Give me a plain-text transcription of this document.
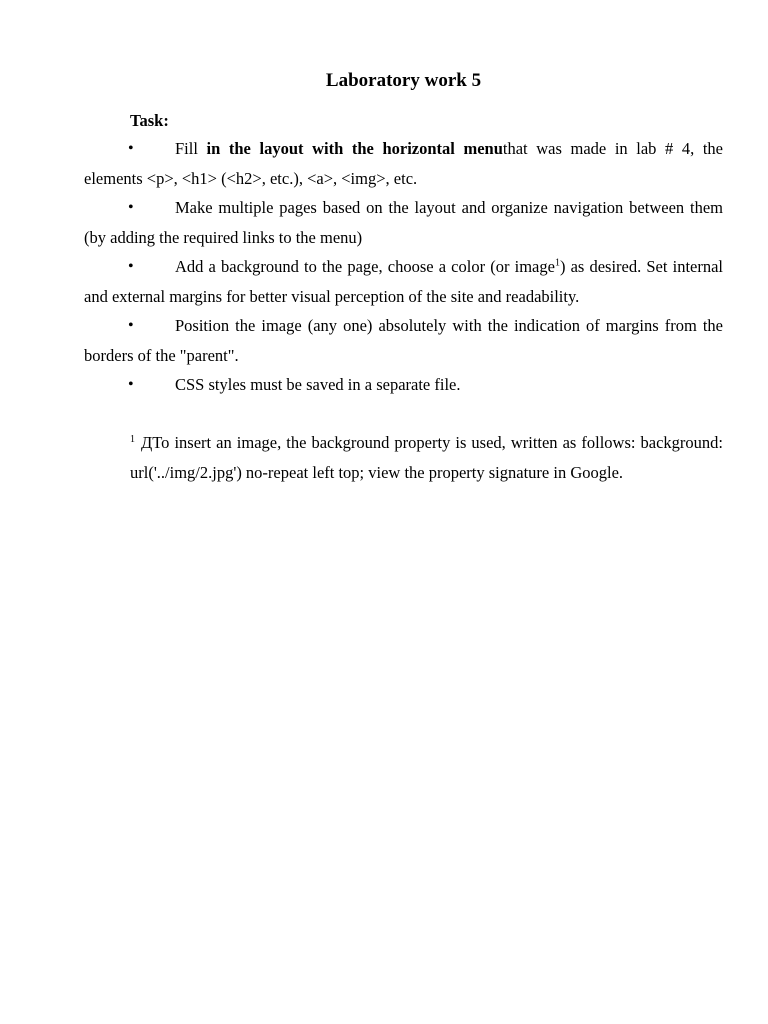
Laboratory work 5
Task:

•	Fill in the layout with the horizontal menuthat was made in lab # 4, the elements <p>, <h1> (<h2>, etc.), <a>, <img>, etc.

•	Make multiple pages based on the layout and organize navigation between them (by adding the required links to the menu)

•	Add a background to the page, choose a color (or image$^1$) as desired. Set internal and external margins for better visual perception of the site and readability.

•	Position the image (any one) absolutely with the indication of margins from the borders of the "parent".

•	CSS styles must be saved in a separate file.

$^1$ ДTo insert an image, the background property is used, written as follows: background: url('../img/2.jpg') no-repeat left top; view the property signature in Google.
